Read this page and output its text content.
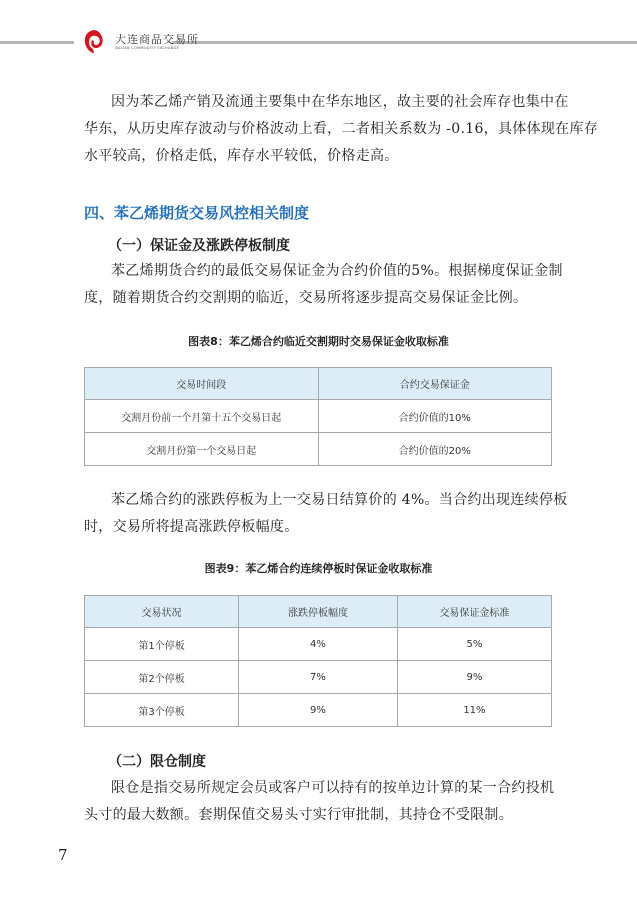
大连商品交易所
DALIAN COMMODITY EXCHANGE
因为苯乙烯产销及流通主要集中在华东地区，故主要的社会库存也集中在
华东，从历史库存波动与价格波动上看，二者相关系数为 -0.16，具体体现在库存
水平较高，价格走低，库存水平较低，价格走高。
四、苯乙烯期货交易风控相关制度
（一）保证金及涨跌停板制度
苯乙烯期货合约的最低交易保证金为合约价值的5%。根据梯度保证金制
度，随着期货合约交割期的临近，交易所将逐步提高交易保证金比例。
图表8：苯乙烯合约临近交割期时交易保证金收取标准
交易时间段	合约交易保证金
交割月份前一个月第十五个交易日起	合约价值的10%
交割月份第一个交易日起	合约价值的20%
苯乙烯合约的涨跌停板为上一交易日结算价的 4%。当合约出现连续停板
时，交易所将提高涨跌停板幅度。
图表9：苯乙烯合约连续停板时保证金收取标准
交易状况	涨跌停板幅度	交易保证金标准
第1个停板	4%	5%
第2个停板	7%	9%
第3个停板	9%	11%
（二）限仓制度
限仓是指交易所规定会员或客户可以持有的按单边计算的某一合约投机
头寸的最大数额。套期保值交易头寸实行审批制，其持仓不受限制。
7
